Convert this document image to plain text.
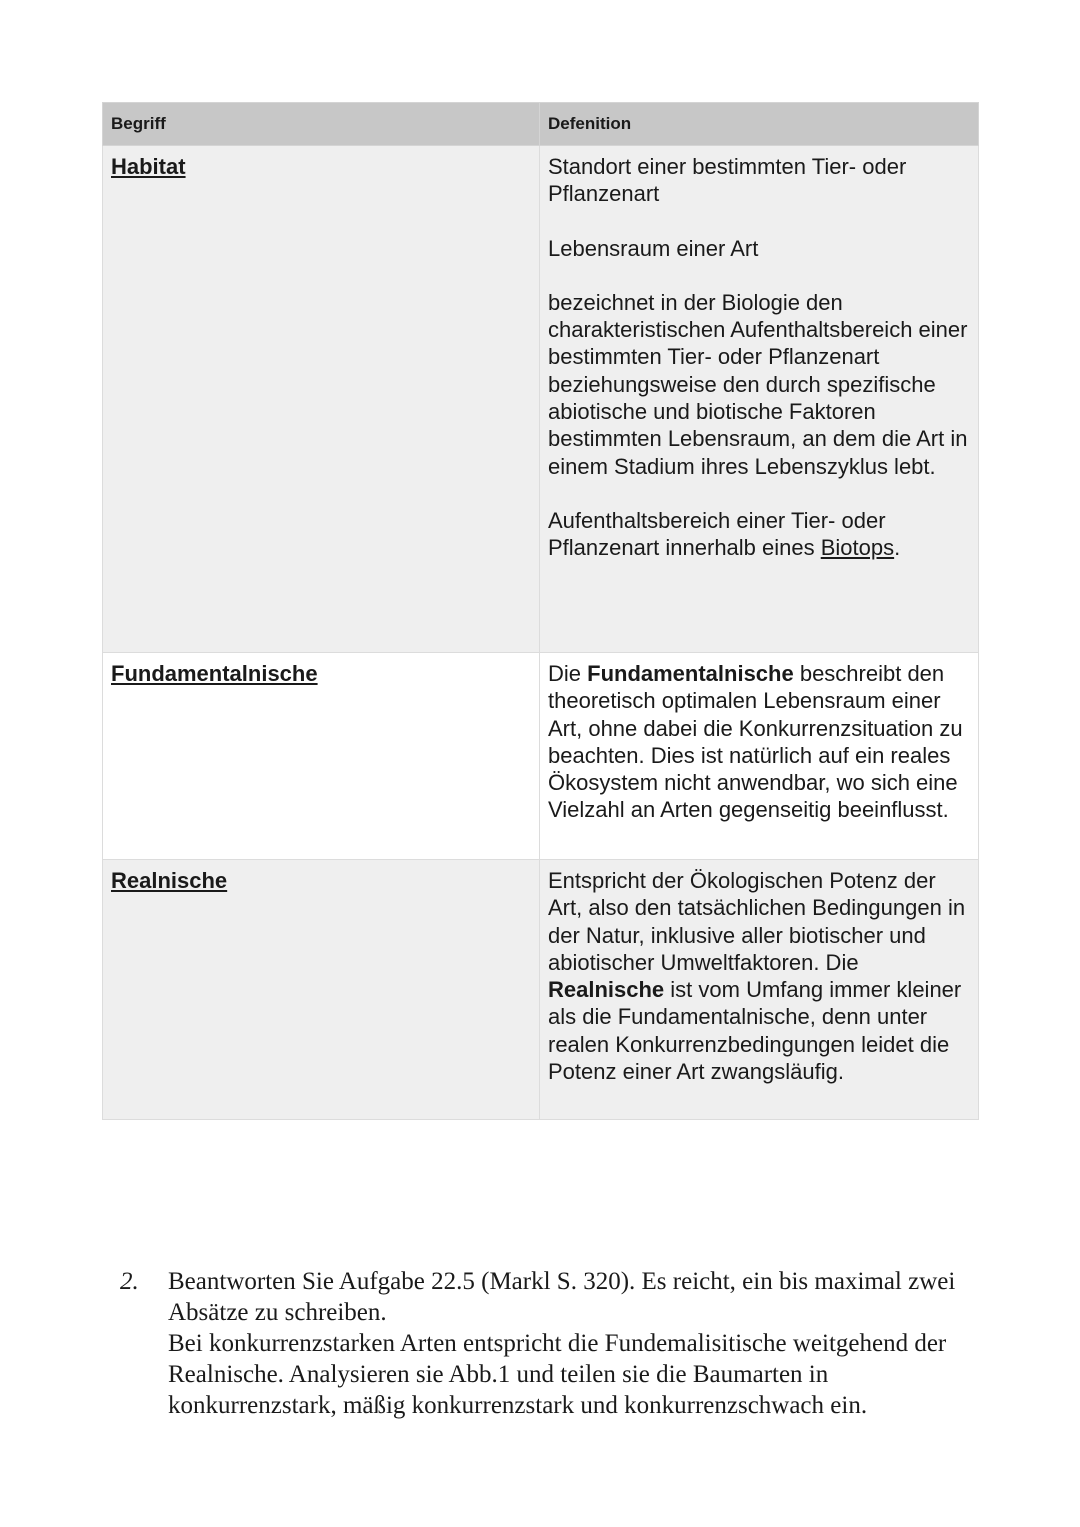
Begriff	Defenition
Habitat	Standort einer bestimmten Tier- oder Pflanzenart

Lebensraum einer Art

bezeichnet in der Biologie den charakteristischen Aufenthaltsbereich einer bestimmten Tier- oder Pflanzenart beziehungsweise den durch spezifische abiotische und biotische Faktoren bestimmten Lebensraum, an dem die Art in einem Stadium ihres Lebenszyklus lebt.

Aufenthaltsbereich einer Tier- oder Pflanzenart innerhalb eines Biotops.

Fundamentalnische	Die Fundamentalnische beschreibt den theoretisch optimalen Lebensraum einer Art, ohne dabei die Konkurrenzsituation zu beachten. Dies ist natürlich auf ein reales Ökosystem nicht anwendbar, wo sich eine Vielzahl an Arten gegenseitig beeinflusst.
Realnische	Entspricht der Ökologischen Potenz der Art, also den tatsächlichen Bedingungen in der Natur, inklusive aller biotischer und abiotischer Umweltfaktoren. Die Realnische ist vom Umfang immer kleiner als die Fundamentalnische, denn unter realen Konkurrenzbedingungen leidet die Potenz einer Art zwangsläufig.
2.	Beantworten Sie Aufgabe 22.5 (Markl S. 320). Es reicht, ein bis maximal zwei Absätze zu schreiben.
Bei konkurrenzstarken Arten entspricht die Fundemalisitische weitgehend der Realnische. Analysieren sie Abb.1 und teilen sie die Baumarten in konkurrenzstark, mäßig konkurrenzstark und konkurrenzschwach ein.
